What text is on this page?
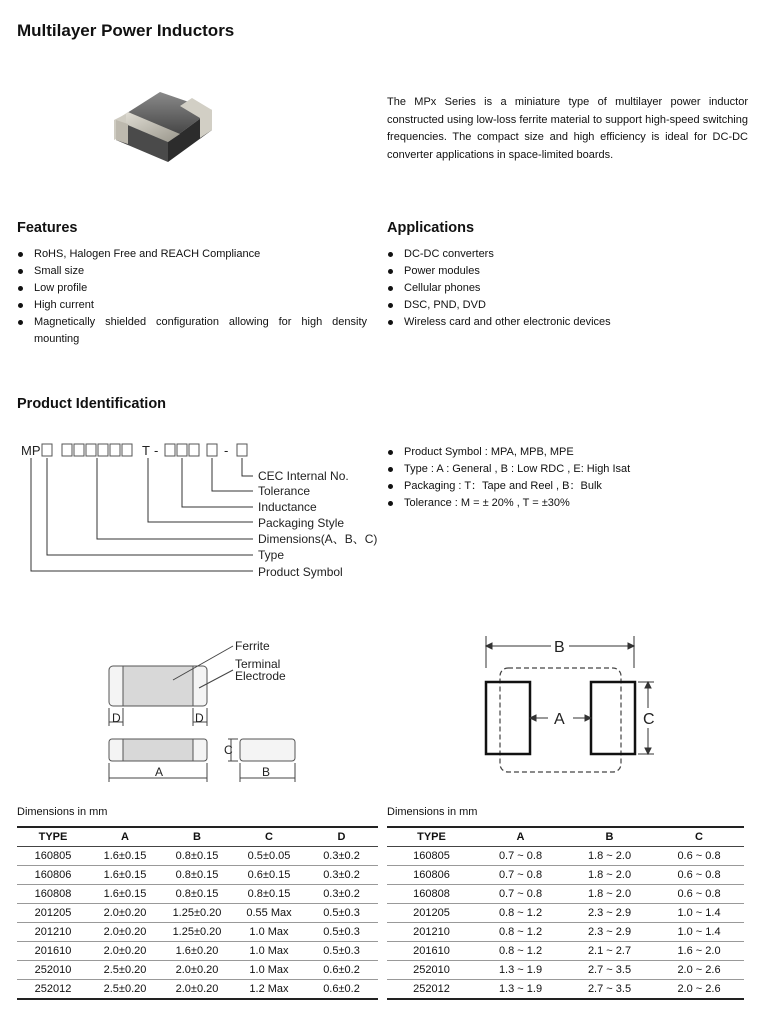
Multilayer Power Inductors
The MPx Series is a miniature type of multilayer power inductor constructed using low-loss ferrite material to support high-speed switching frequencies. The compact size and high efficiency is ideal for DC-DC converter applications in space-limited boards.
Features
RoHS, Halogen Free and REACH Compliance
Small size
Low profile
High current
Magnetically shielded configuration allowing for high density mounting
Applications
DC-DC converters
Power modules
Cellular phones
DSC, PND, DVD
Wireless card and other electronic devices
Product Identification
MP	T -	-
CEC Internal No.
Tolerance
Inductance
Packaging Style
Dimensions(A、B、C)
Type
Product Symbol
Product Symbol : MPA, MPB, MPE
Type : A : General , B : Low RDC , E: High Isat
Packaging : T：Tape and Reel , B：Bulk
Tolerance : M = ± 20% , T = ±30%
Ferrite
Terminal
Electrode
D	D
A	B
C
B
A	C
Dimensions in mm
TYPE	A	B	C	D
160805	1.6±0.15	0.8±0.15	0.5±0.05	0.3±0.2
160806	1.6±0.15	0.8±0.15	0.6±0.15	0.3±0.2
160808	1.6±0.15	0.8±0.15	0.8±0.15	0.3±0.2
201205	2.0±0.20	1.25±0.20	0.55 Max	0.5±0.3
201210	2.0±0.20	1.25±0.20	1.0 Max	0.5±0.3
201610	2.0±0.20	1.6±0.20	1.0 Max	0.5±0.3
252010	2.5±0.20	2.0±0.20	1.0 Max	0.6±0.2
252012	2.5±0.20	2.0±0.20	1.2 Max	0.6±0.2
Dimensions in mm
TYPE	A	B	C
160805	0.7 ~ 0.8	1.8 ~ 2.0	0.6 ~ 0.8
160806	0.7 ~ 0.8	1.8 ~ 2.0	0.6 ~ 0.8
160808	0.7 ~ 0.8	1.8 ~ 2.0	0.6 ~ 0.8
201205	0.8 ~ 1.2	2.3 ~ 2.9	1.0 ~ 1.4
201210	0.8 ~ 1.2	2.3 ~ 2.9	1.0 ~ 1.4
201610	0.8 ~ 1.2	2.1 ~ 2.7	1.6 ~ 2.0
252010	1.3 ~ 1.9	2.7 ~ 3.5	2.0 ~ 2.6
252012	1.3 ~ 1.9	2.7 ~ 3.5	2.0 ~ 2.6
